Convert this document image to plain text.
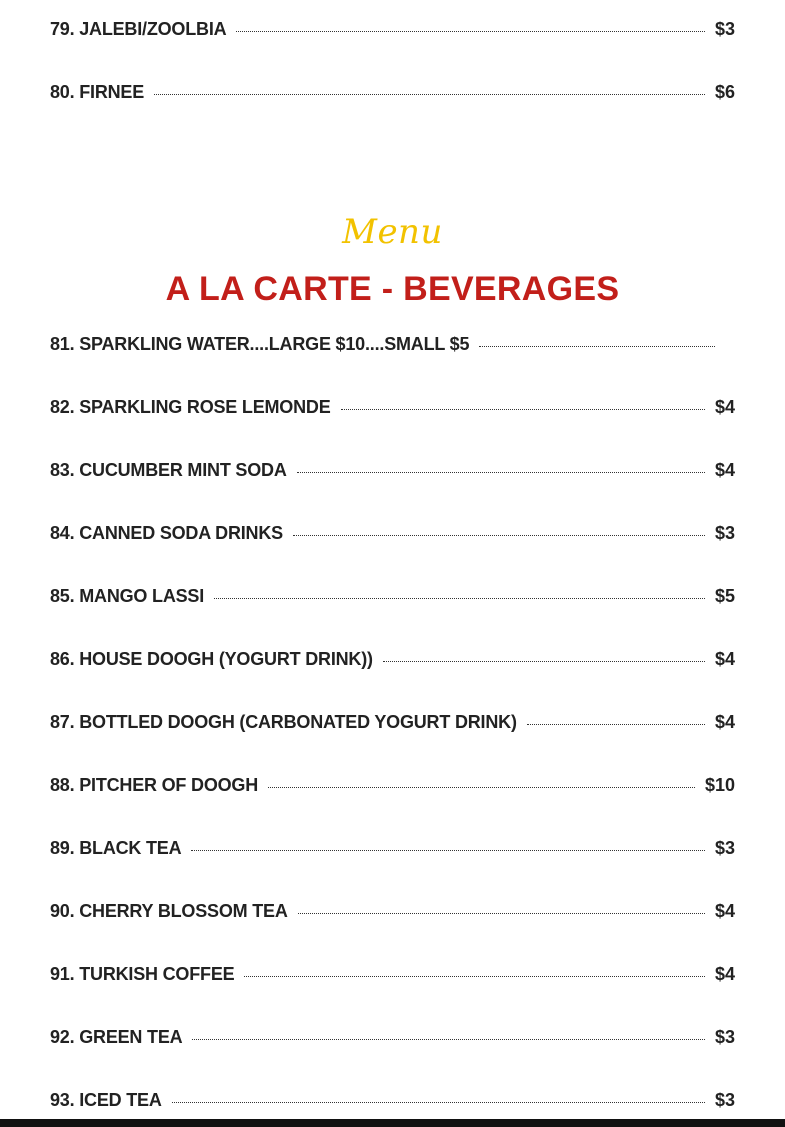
79. JALEBI/ZOOLBIA	$3
80. FIRNEE	$6
Menu
A LA CARTE - BEVERAGES
81. SPARKLING WATER....LARGE $10....SMALL $5
82. SPARKLING ROSE LEMONDE	$4
83. CUCUMBER MINT SODA	$4
84. CANNED SODA DRINKS	$3
85. MANGO LASSI	$5
86. HOUSE DOOGH (YOGURT DRINK))	$4
87. BOTTLED DOOGH (CARBONATED YOGURT DRINK)	$4
88. PITCHER OF DOOGH	$10
89. BLACK TEA	$3
90. CHERRY BLOSSOM TEA	$4
91. TURKISH COFFEE	$4
92. GREEN TEA	$3
93. ICED TEA	$3
